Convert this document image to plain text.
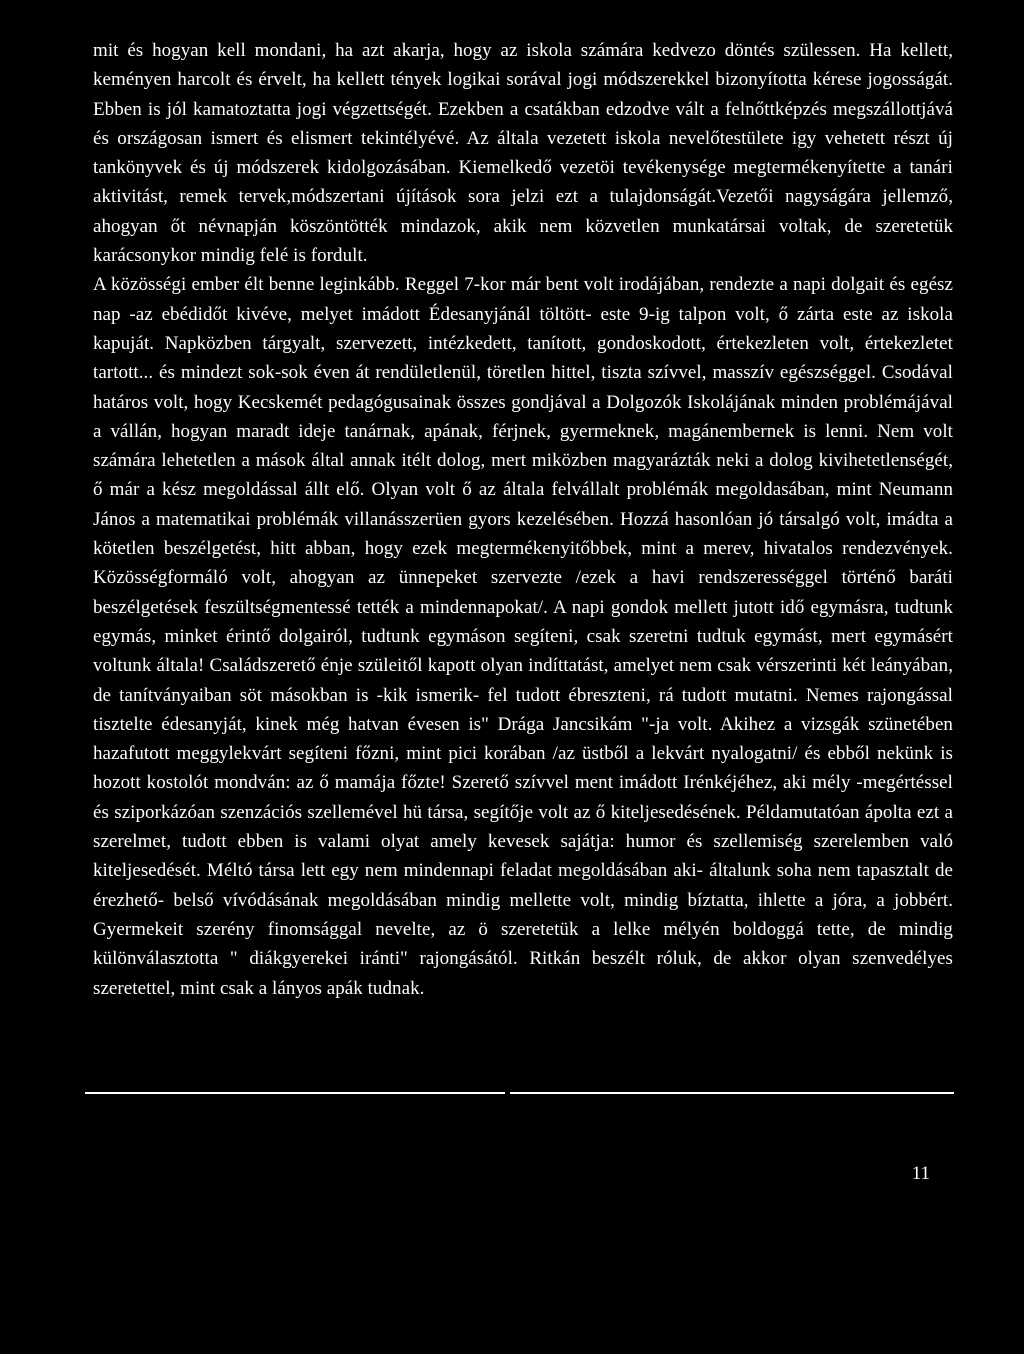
mit és hogyan kell mondani, ha azt akarja, hogy az iskola számára kedvezo döntés szülessen. Ha kellett, keményen harcolt és érvelt, ha kellett tények logikai sorával jogi módszerekkel bizonyította kérese jogosságát. Ebben is jól kamatoztatta jogi végzettségét. Ezekben a csatákban edzodve vált a felnőttképzés megszállottjává és országosan ismert és elismert tekintélyévé. Az általa vezetett iskola nevelőtestülete igy vehetett részt új tankönyvek és új módszerek kidolgozásában. Kiemelkedő vezetöi tevékenysége megtermékenyítette a tanári aktivitást, remek tervek,módszertani újítások sora jelzi ezt a tulajdonságát.Vezetői nagyságára jellemző, ahogyan őt névnapján köszöntötték mindazok, akik nem közvetlen munkatársai voltak, de szeretetük karácsonykor mindig felé is fordult.

A közösségi ember élt benne leginkább. Reggel 7-kor már bent volt irodájában, rendezte a napi dolgait és egész nap -az ebédidőt kivéve, melyet imádott Édesanyjánál töltött- este 9-ig talpon volt, ő zárta este az iskola kapuját. Napközben tárgyalt, szervezett, intézkedett, tanított, gondoskodott, értekezleten volt, értekezletet tartott... és mindezt sok-sok éven át rendületlenül, töretlen hittel, tiszta szívvel, masszív egészséggel. Csodával határos volt, hogy Kecskemét pedagógusainak összes gondjával a Dolgozók Iskolájának minden problémájával a vállán, hogyan maradt ideje tanárnak, apának, férjnek, gyermeknek, magánembernek is lenni. Nem volt számára lehetetlen a mások által annak itélt dolog, mert miközben magyarázták neki a dolog kivihetetlenségét, ő már a kész megoldással állt elő. Olyan volt ő az általa felvállalt problémák megoldasában, mint Neumann János a matematikai problémák villanásszerüen gyors kezelésében. Hozzá hasonlóan jó társalgó volt, imádta a kötetlen beszélgetést, hitt abban, hogy ezek megtermékenyitőbbek, mint a merev, hivatalos rendezvények. Közösségformáló volt, ahogyan az ünnepeket szervezte /ezek a havi rendszerességgel történő baráti beszélgetések feszültségmentessé tették a mindennapokat/. A napi gondok mellett jutott idő egymásra, tudtunk egymás, minket érintő dolgairól, tudtunk egymáson segíteni, csak szeretni tudtuk egymást, mert egymásért voltunk általa! Családszerető énje szüleitől kapott olyan indíttatást, amelyet nem csak vérszerinti két leányában, de tanítványaiban söt másokban is -kik ismerik- fel tudott ébreszteni, rá tudott mutatni. Nemes rajongással tisztelte édesanyját, kinek még hatvan évesen is" Drága Jancsikám "-ja volt. Akihez a vizsgák szünetében hazafutott meggylekvárt segíteni főzni, mint pici korában /az üstből a lekvárt nyalogatni/ és ebből nekünk is hozott kostolót mondván: az ő mamája főzte! Szerető szívvel ment imádott Irénkéjéhez, aki mély -megértéssel és sziporkázóan szenzációs szellemével hü társa, segítője volt az ő kiteljesedésének. Példamutatóan ápolta ezt a szerelmet, tudott ebben is valami olyat amely kevesek sajátja: humor és szellemiség szerelemben való kiteljesedését. Méltó társa lett egy nem mindennapi feladat megoldásában aki- általunk soha nem tapasztalt de érezhető- belső vívódásának megoldásában mindig mellette volt, mindig bíztatta, ihlette a jóra, a jobbért. Gyermekeit szerény finomsággal nevelte, az ö szeretetük a lelke mélyén boldoggá tette, de mindig különválasztotta " diákgyerekei iránti" rajongásától. Ritkán beszélt róluk, de akkor olyan szenvedélyes szeretettel, mint csak a lányos apák tudnak.

11
